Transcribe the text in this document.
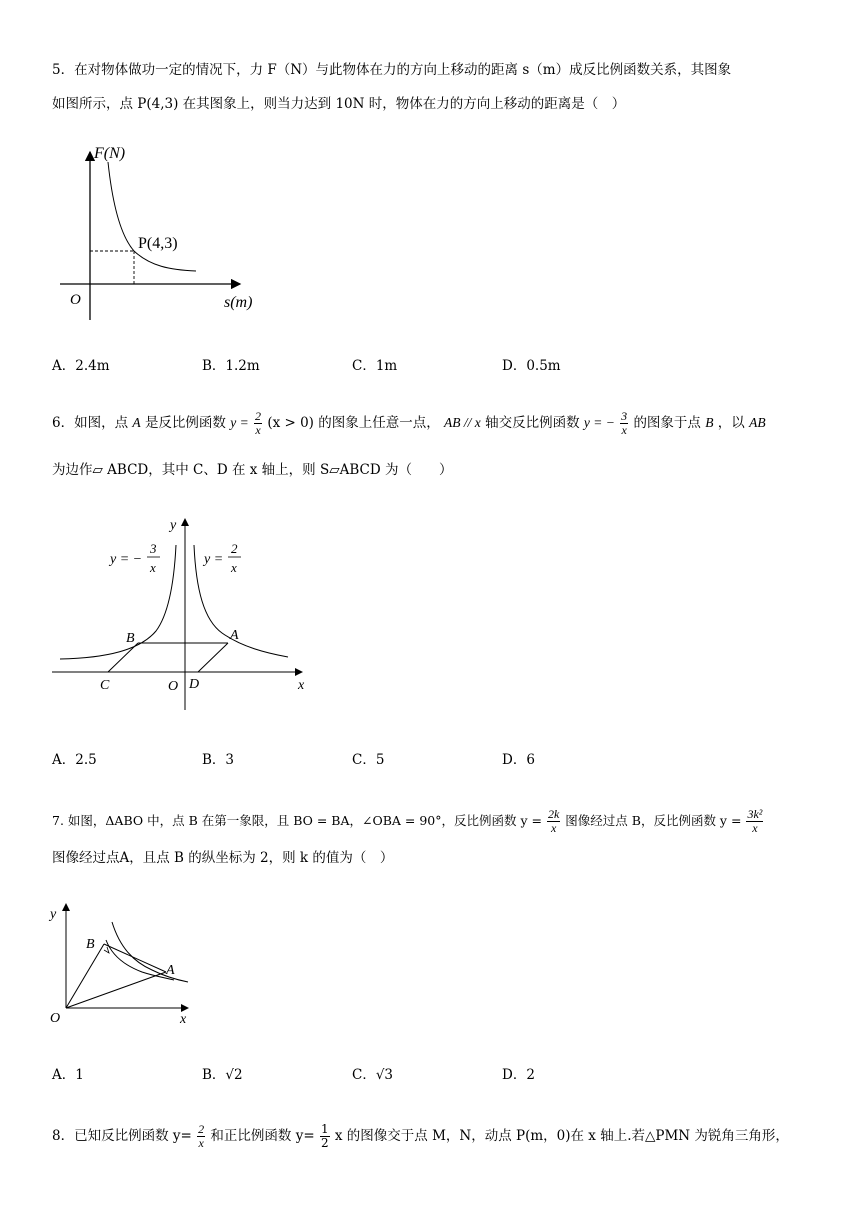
5．在对物体做功一定的情况下，力 F（N）与此物体在力的方向上移动的距离 s（m）成反比例函数关系，其图象
如图所示，点 P(4,3) 在其图象上，则当力达到 10N 时，物体在力的方向上移动的距离是（　）
F(N)
s(m)
O
P(4,3)
A．2.4m	B．1.2m	C．1m	D．0.5m
6．如图，点 A 是反比例函数 $y = \frac{2}{x} (x > 0)$ 的图象上任意一点， AB // x 轴交反比例函数 y = − $\frac{3}{x}$ 的图象于点 B ，以 AB
为边作▱ ABCD，其中 C、D 在 x 轴上，则 S▱ABCD 为（　　）
y
x
y = −
3
x
y =
2
x
B	A
C	O D
A．2.5	B．3	C．5	D．6
7. 如图，ΔABO 中，点 B 在第一象限，且 BO = BA，∠OBA = 90°，反比例函数 $y = \frac{2k}{x}$ 图像经过点 B，反比例函数 $y = \frac{\text{3k²}}{x}$
图像经过点A，且点 B 的纵坐标为 2，则 k 的值为（　）
y
x
O
B
A
A．1	B．√2	C．√3	D．2
8．已知反比例函数 $y= \frac{2}{x}$ 和正比例函数 $y= \frac{1}{2}$ x 的图像交于点 M，N，动点 P(m，0)在 x 轴上.若△PMN 为锐角三角形，
